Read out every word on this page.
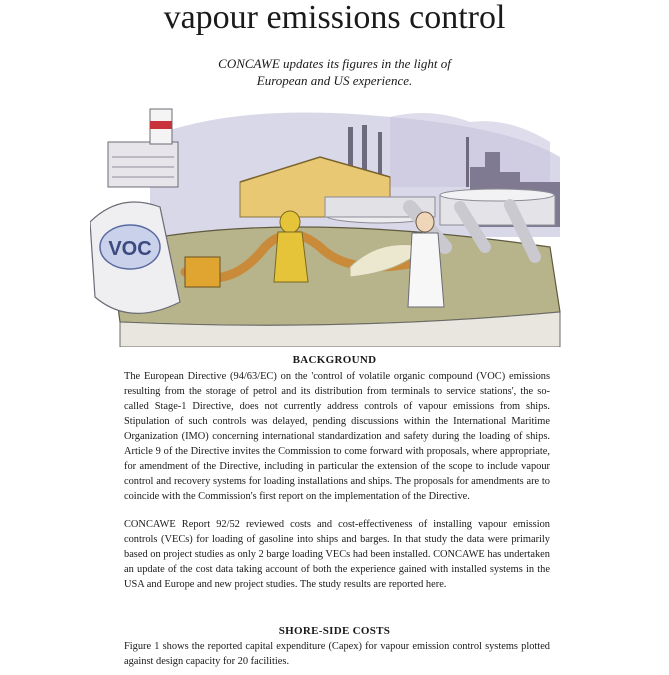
vapour emissions control
CONCAWE updates its figures in the light of
European and US experience.
VOC
BACKGROUND

The European Directive (94/63/EC) on the 'control of volatile organic compound (VOC) emissions resulting from the storage of petrol and its distribution from terminals to service stations', the so-called Stage-1 Directive, does not currently address controls of vapour emissions from ships. Stipulation of such controls was delayed, pending discussions within the International Maritime Organization (IMO) concerning international standardization and safety during the loading of ships. Article 9 of the Directive invites the Commission to come forward with proposals, where appropriate, for amendment of the Directive, including in particular the extension of the scope to include vapour control and recovery systems for loading installations and ships. The proposals for amendments are to coincide with the Commission's first report on the implementation of the Directive.

CONCAWE Report 92/52 reviewed costs and cost-effectiveness of installing vapour emission controls (VECs) for loading of gasoline into ships and barges. In that study the data were primarily based on project studies as only 2 barge loading VECs had been installed. CONCAWE has undertaken an update of the cost data taking account of both the experience gained with installed systems in the USA and Europe and new project studies. The study results are reported here.

SHORE-SIDE COSTS

Figure 1 shows the reported capital expenditure (Capex) for vapour emission control systems plotted against design capacity for 20 facilities.
